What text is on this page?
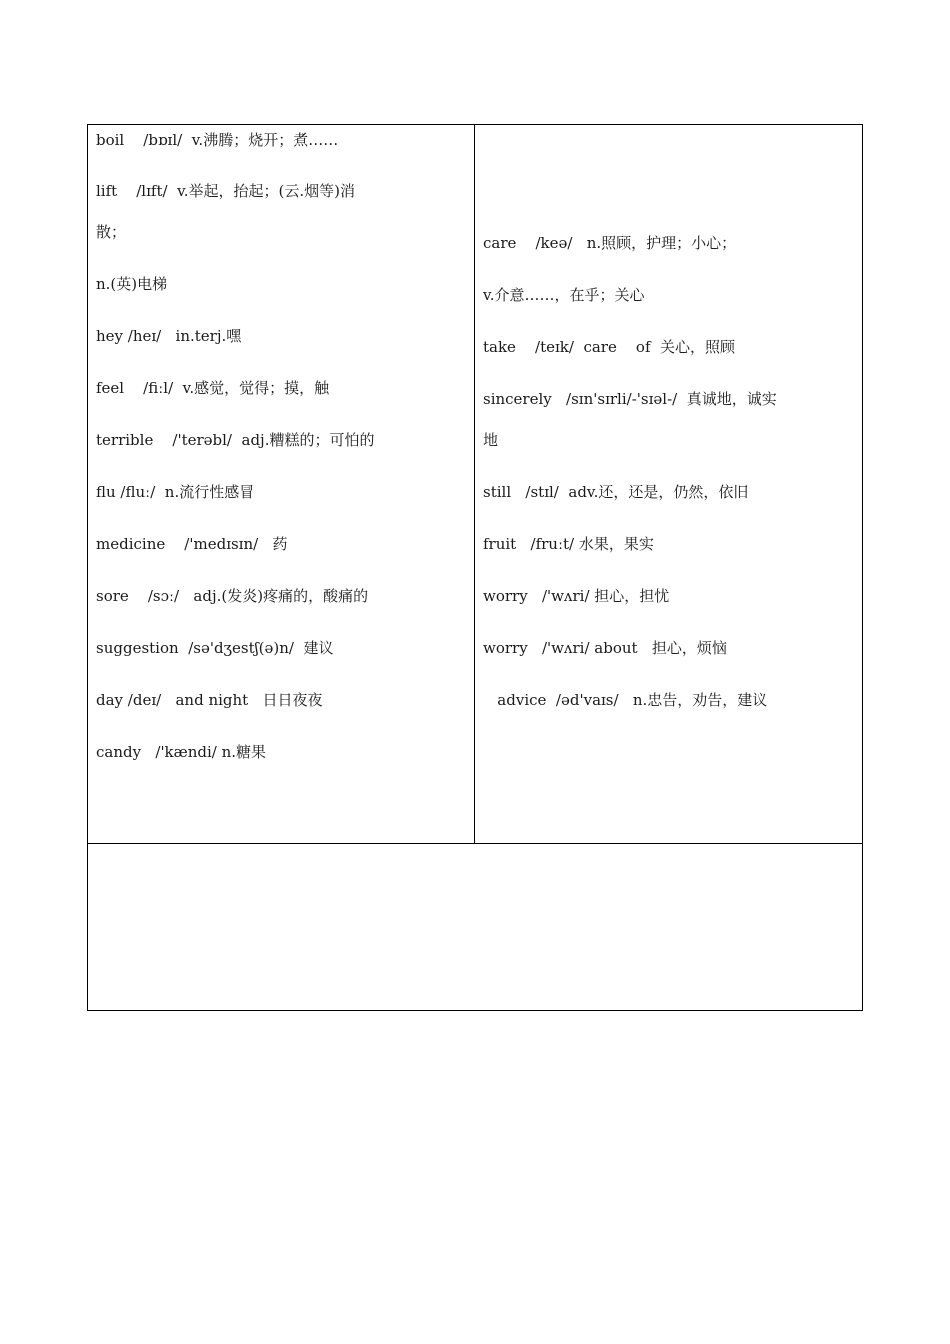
boil    /bɒɪl/  v.沸腾；烧开；煮……
lift    /lɪft/  v.举起，抬起；(云.烟等)消
散；
n.(英)电梯
hey /heɪ/   in.terj.嘿
feel    /fiːl/  v.感觉，觉得；摸，触
terrible    /'terəbl/  adj.糟糕的；可怕的
flu /fluː/  n.流行性感冒
medicine    /'medɪsɪn/   药
sore    /sɔː/   adj.(发炎)疼痛的，酸痛的
suggestion  /sə'dʒestʃ(ə)n/  建议
day /deɪ/   and night   日日夜夜
candy   /'kændi/ n.糖果
care    /keə/   n.照顾，护理；小心；
v.介意……，在乎；关心
take    /teɪk/  care    of  关心，照顾
sincerely   /sɪn'sɪrli/-'sɪəl-/  真诚地，诚实
地
still   /stɪl/  adv.还，还是，仍然，依旧
fruit   /fruːt/ 水果，果实
worry   /'wʌri/ 担心，担忧
worry   /'wʌri/ about   担心，烦恼
advice  /əd'vaɪs/   n.忠告，劝告，建议
